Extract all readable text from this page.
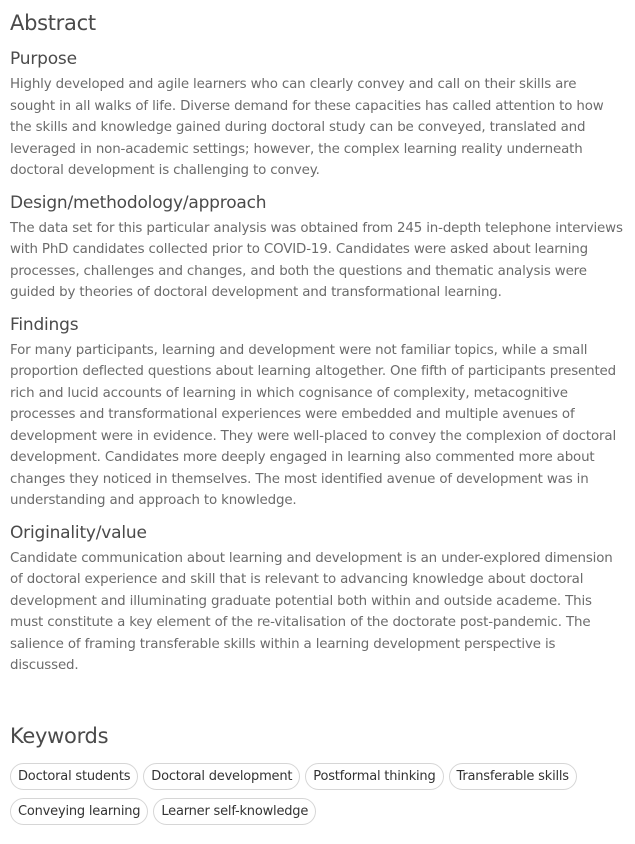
Abstract
Purpose

Highly developed and agile learners who can clearly convey and call on their skills are sought in all walks of life. Diverse demand for these capacities has called attention to how the skills and knowledge gained during doctoral study can be conveyed, translated and leveraged in non-academic settings; however, the complex learning reality underneath doctoral development is challenging to convey.

Design/methodology/approach

The data set for this particular analysis was obtained from 245 in-depth telephone interviews with PhD candidates collected prior to COVID-19. Candidates were asked about learning processes, challenges and changes, and both the questions and thematic analysis were guided by theories of doctoral development and transformational learning.

Findings

For many participants, learning and development were not familiar topics, while a small proportion deflected questions about learning altogether. One fifth of participants presented rich and lucid accounts of learning in which cognisance of complexity, metacognitive processes and transformational experiences were embedded and multiple avenues of development were in evidence. They were well-placed to convey the complexion of doctoral development. Candidates more deeply engaged in learning also commented more about changes they noticed in themselves. The most identified avenue of development was in understanding and approach to knowledge.

Originality/value

Candidate communication about learning and development is an under-explored dimension of doctoral experience and skill that is relevant to advancing knowledge about doctoral development and illuminating graduate potential both within and outside academe. This must constitute a key element of the re-vitalisation of the doctorate post-pandemic. The salience of framing transferable skills within a learning development perspective is discussed.

Keywords
Doctoral students	Doctoral development	Postformal thinking	Transferable skills
Conveying learning	Learner self-knowledge
